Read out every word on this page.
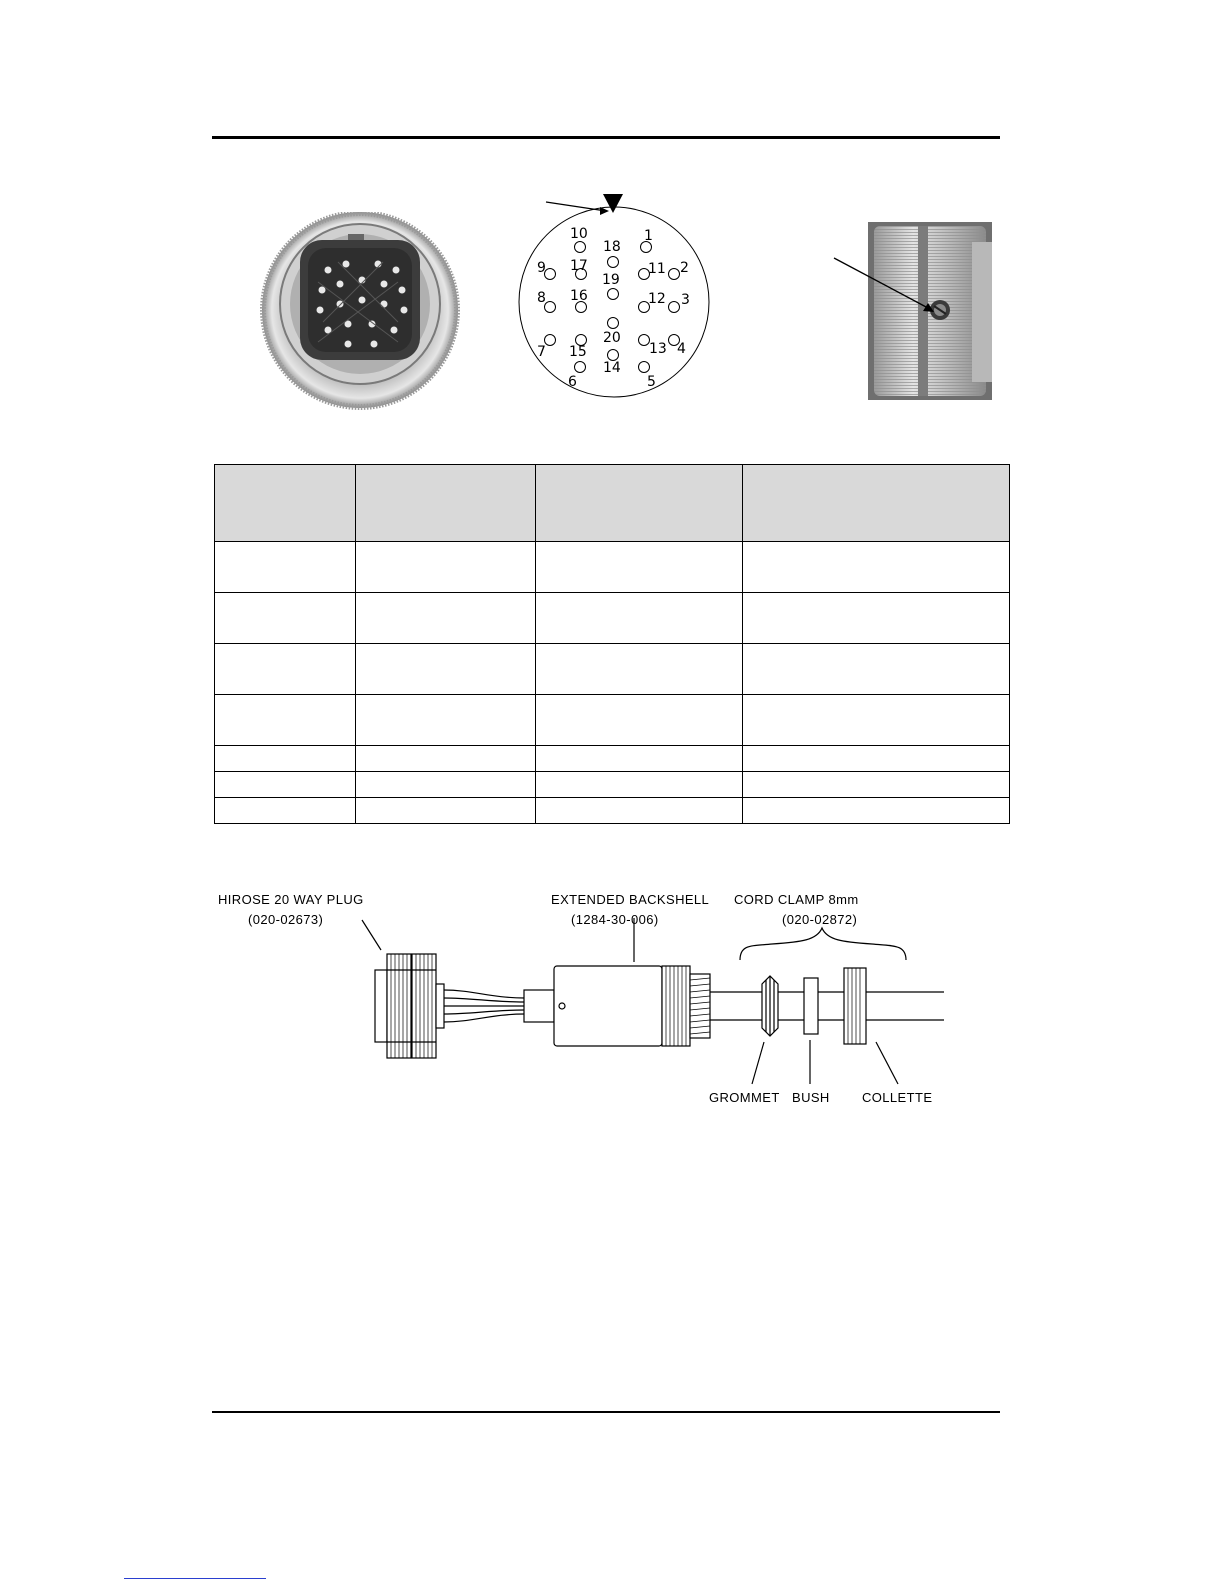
1
2
3
4
5
6
7
8
9
10
11
12
13
14
15
16
17
18
19
20

HIROSE 20 WAY PLUG
(020-02673)
EXTENDED BACKSHELL
(1284-30-006)
CORD CLAMP 8mm
(020-02872)
GROMMET BUSH COLLETTE
